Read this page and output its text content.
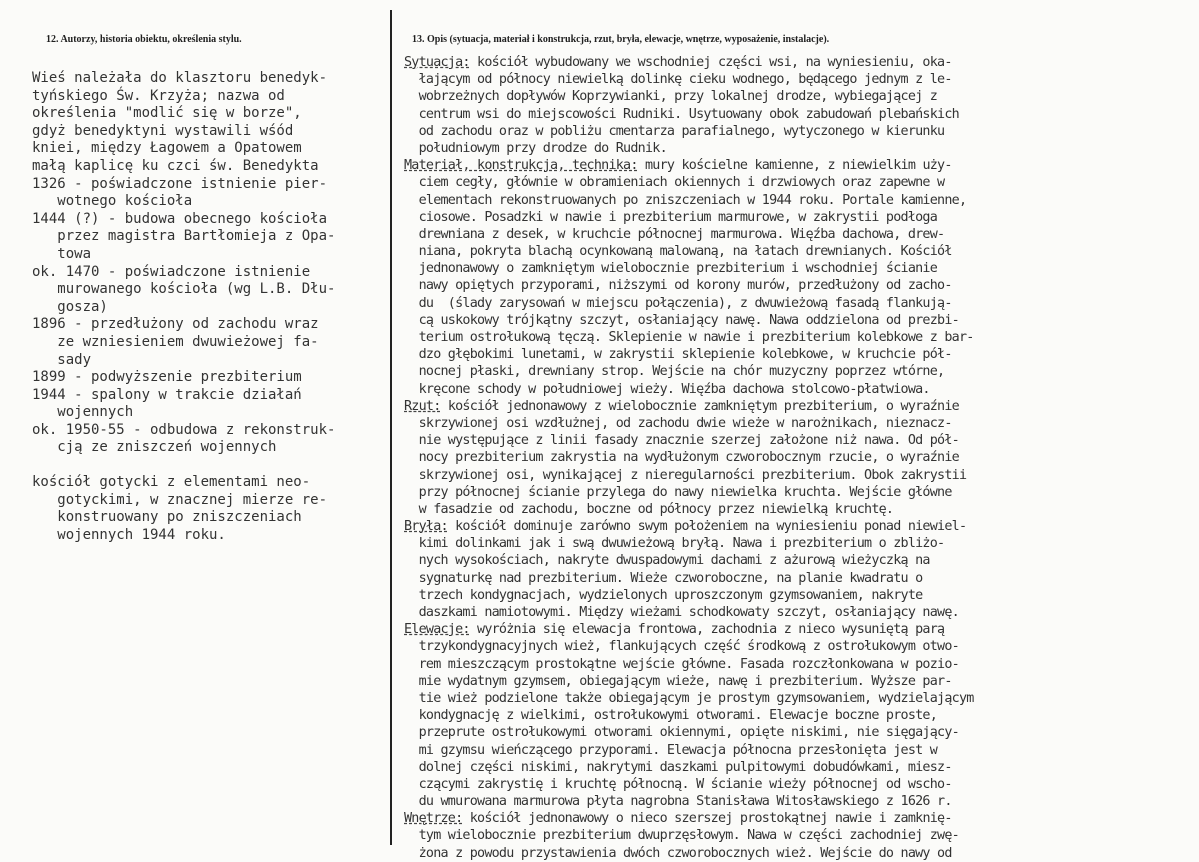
12. Autorzy, historia obiektu, określenia stylu.	13. Opis (sytuacja, materiał i konstrukcja, rzut, bryła, elewacje, wnętrze, wyposażenie, instalacje).
Wieś należała do klasztoru benedyk-
tyńskiego Św. Krzyża; nazwa od
określenia "modlić się w borze",
gdyż benedyktyni wystawili wśód
kniei, między Łagowem a Opatowem
małą kaplicę ku czci św. Benedykta
1326 - poświadczone istnienie pier-
wotnego kościoła
1444 (?) - budowa obecnego kościoła
przez magistra Bartłomieja z Opa-
towa
ok. 1470 - poświadczone istnienie
murowanego kościoła (wg L.B. Dłu-
gosza)
1896 - przedłużony od zachodu wraz
ze wzniesieniem dwuwieżowej fa-
sady
1899 - podwyższenie prezbiterium
1944 - spalony w trakcie działań
wojennych
ok. 1950-55 - odbudowa z rekonstruk-
cją ze zniszczeń wojennych
kościół gotycki z elementami neo-
gotyckimi, w znacznej mierze re-
konstruowany po zniszczeniach
wojennych 1944 roku.
Sytuacja: kościół wybudowany we wschodniej części wsi, na wyniesieniu, oka-
łającym od północy niewielką dolinkę cieku wodnego, będącego jednym z le-
wobrzeżnych dopływów Koprzywianki, przy lokalnej drodze, wybiegającej z
centrum wsi do miejscowości Rudniki. Usytuowany obok zabudowań plebańskich
od zachodu oraz w pobliżu cmentarza parafialnego, wytyczonego w kierunku
południowym przy drodze do Rudnik.
Materiał, konstrukcja, technika: mury kościelne kamienne, z niewielkim uży-
ciem cegły, głównie w obramieniach okiennych i drzwiowych oraz zapewne w
elementach rekonstruowanych po zniszczeniach w 1944 roku. Portale kamienne,
ciosowe. Posadzki w nawie i prezbiterium marmurowe, w zakrystii podłoga
drewniana z desek, w kruchcie północnej marmurowa. Więźba dachowa, drew-
niana, pokryta blachą ocynkowaną malowaną, na łatach drewnianych. Kościół
jednonawowy o zamkniętym wielobocznie prezbiterium i wschodniej ścianie
nawy opiętych przyporami, niższymi od korony murów, przedłużony od zacho-
du  (ślady zarysowań w miejscu połączenia), z dwuwieżową fasadą flankują-
cą uskokowy trójkątny szczyt, osłaniający nawę. Nawa oddzielona od prezbi-
terium ostrołukową tęczą. Sklepienie w nawie i prezbiterium kolebkowe z bar-
dzo głębokimi lunetami, w zakrystii sklepienie kolebkowe, w kruchcie pół-
nocnej płaski, drewniany strop. Wejście na chór muzyczny poprzez wtórne,
kręcone schody w południowej wieży. Więźba dachowa stolcowo-płatwiowa.
Rzut: kościół jednonawowy z wielobocznie zamkniętym prezbiterium, o wyraźnie
skrzywionej osi wzdłużnej, od zachodu dwie wieże w narożnikach, nieznacz-
nie występujące z linii fasady znacznie szerzej założone niż nawa. Od pół-
nocy prezbiterium zakrystia na wydłużonym czworobocznym rzucie, o wyraźnie
skrzywionej osi, wynikającej z nieregularności prezbiterium. Obok zakrystii
przy północnej ścianie przylega do nawy niewielka kruchta. Wejście główne
w fasadzie od zachodu, boczne od północy przez niewielką kruchtę.
Bryła: kościół dominuje zarówno swym położeniem na wyniesieniu ponad niewiel-
kimi dolinkami jak i swą dwuwieżową bryłą. Nawa i prezbiterium o zbliżo-
nych wysokościach, nakryte dwuspadowymi dachami z ażurową wieżyczką na
sygnaturkę nad prezbiterium. Wieże czworoboczne, na planie kwadratu o
trzech kondygnacjach, wydzielonych uproszczonym gzymsowaniem, nakryte
daszkami namiotowymi. Między wieżami schodkowaty szczyt, osłaniający nawę.
Elewacje: wyróżnia się elewacja frontowa, zachodnia z nieco wysuniętą parą
trzykondygnacyjnych wież, flankujących część środkową z ostrołukowym otwo-
rem mieszczącym prostokątne wejście główne. Fasada rozczłonkowana w pozio-
mie wydatnym gzymsem, obiegającym wieże, nawę i prezbiterium. Wyższe par-
tie wież podzielone także obiegającym je prostym gzymsowaniem, wydzielającym
kondygnację z wielkimi, ostrołukowymi otworami. Elewacje boczne proste,
przeprute ostrołukowymi otworami okiennymi, opięte niskimi, nie sięgający-
mi gzymsu wieńczącego przyporami. Elewacja północna przesłonięta jest w
dolnej części niskimi, nakrytymi daszkami pulpitowymi dobudówkami, miesz-
czącymi zakrystię i kruchtę północną. W ścianie wieży północnej od wscho-
du wmurowana marmurowa płyta nagrobna Stanisława Witosławskiego z 1626 r.
Wnętrze: kościół jednonawowy o nieco szerszej prostokątnej nawie i zamknię-
tym wielobocznie prezbiterium dwuprzęsłowym. Nawa w części zachodniej zwę-
żona z powodu przystawienia dwóch czworobocznych wież. Wejście do nawy od
